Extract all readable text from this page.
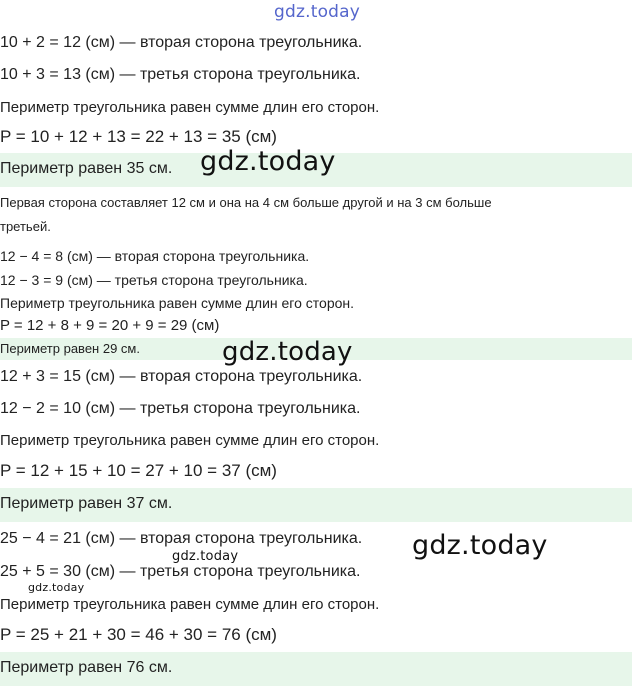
gdz.today
10 + 2 = 12 (см) — вторая сторона треугольника.
10 + 3 = 13 (см) — третья сторона треугольника.
Периметр треугольника равен сумме длин его сторон.
P = 10 + 12 + 13 = 22 + 13 = 35 (см)
Периметр равен 35 см. gdz.today
Первая сторона составляет 12 см и она на 4 см больше другой и на 3 см больше
третьей.
12 − 4 = 8 (см) — вторая сторона треугольника.
12 − 3 = 9 (см) — третья сторона треугольника.
Периметр треугольника равен сумме длин его сторон.
P = 12 + 8 + 9 = 20 + 9 = 29 (см)
Периметр равен 29 см.	gdz.today
12 + 3 = 15 (см) — вторая сторона треугольника.
12 − 2 = 10 (см) — третья сторона треугольника.
Периметр треугольника равен сумме длин его сторон.
P = 12 + 15 + 10 = 27 + 10 = 37 (см)
Периметр равен 37 см.
25 − 4 = 21 (см) — вторая сторона треугольника.
gdz.today	gdz.today
25 + 5 = 30 (см) — третья сторона треугольника.
gdz.today
Периметр треугольника равен сумме длин его сторон.
P = 25 + 21 + 30 = 46 + 30 = 76 (см)
Периметр равен 76 см.
